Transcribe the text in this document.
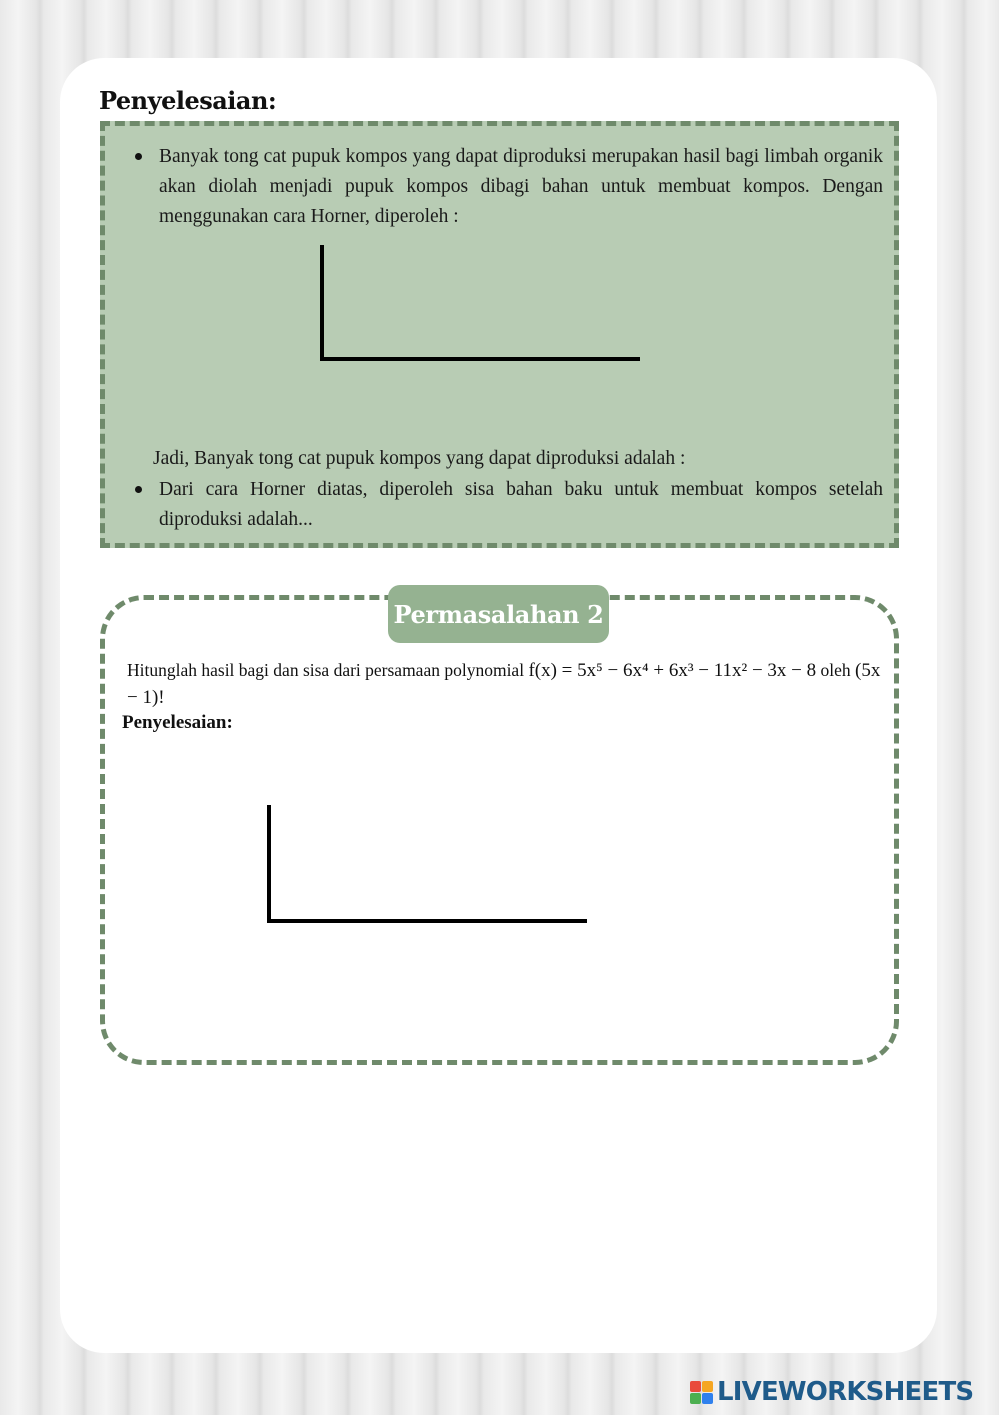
Penyelesaian:

Banyak tong cat pupuk kompos yang dapat diproduksi merupakan hasil bagi limbah organik akan diolah menjadi pupuk kompos dibagi bahan untuk membuat kompos. Dengan menggunakan cara Horner, diperoleh :

Jadi, Banyak tong cat pupuk kompos yang dapat diproduksi adalah :

Dari cara Horner diatas, diperoleh sisa bahan baku untuk membuat kompos setelah diproduksi adalah...

Hitunglah hasil bagi dan sisa dari persamaan polynomial f(x) = 5x⁵ − 6x⁴ + 6x³ − 11x² − 3x − 8 oleh (5x − 1)!

Penyelesaian:

Permasalahan 2
LIVEWORKSHEETS
